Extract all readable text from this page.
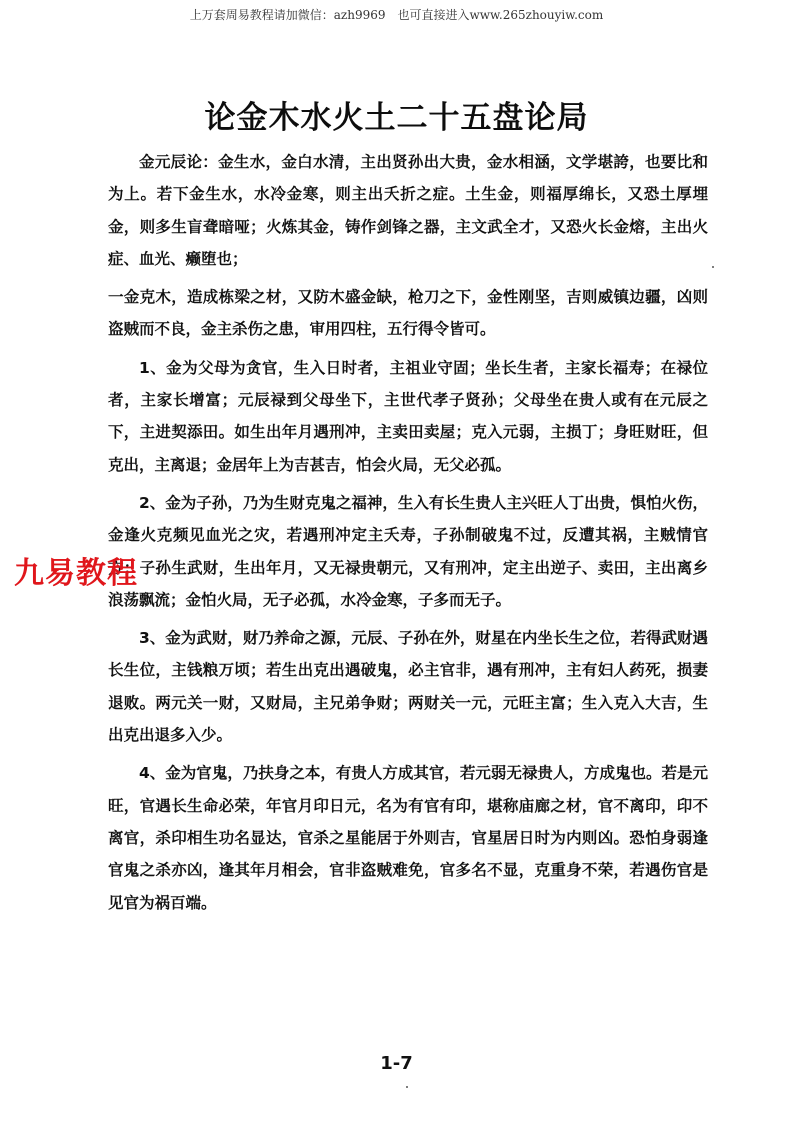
上万套周易教程请加微信：azh9969　也可直接进入www.265zhouyiw.com
论金木水火土二十五盘论局

金元辰论：金生水，金白水清，主出贤孙出大贵，金水相涵，文学堪誇，也要比和为上。若下金生水，水冷金寒，则主出夭折之症。土生金，则福厚绵长，又恐土厚埋金，则多生盲聋暗哑；火炼其金，铸作剑锋之器，主文武全才，又恐火长金熔，主出火症、血光、癞堕也；

一金克木，造成栋梁之材，又防木盛金缺，枪刀之下，金性刚坚，吉则威镇边疆，凶则盗贼而不良，金主杀伤之患，审用四柱，五行得令皆可。

1、金为父母为贪官，生入日时者，主祖业守固；坐长生者，主家长福寿；在禄位者，主家长增富；元辰禄到父母坐下，主世代孝子贤孙；父母坐在贵人或有在元辰之下，主进契添田。如生出年月遇刑冲，主卖田卖屋；克入元弱，主损丁；身旺财旺，但克出，主离退；金居年上为吉甚吉，怕会火局，无父必孤。

2、金为子孙，乃为生财克鬼之福神，生入有长生贵人主兴旺人丁出贵，惧怕火伤，金逢火克频见血光之灾，若遇刑冲定主夭寿，子孙制破鬼不过，反遭其祸，主贼情官方；子孙生武财，生出年月，又无禄贵朝元，又有刑冲，定主出逆子、卖田，主出离乡浪荡飘流；金怕火局，无子必孤，水冷金寒，子多而无子。

3、金为武财，财乃养命之源，元辰、子孙在外，财星在内坐长生之位，若得武财遇长生位，主钱粮万顷；若生出克出遇破鬼，必主官非，遇有刑冲，主有妇人药死，损妻退败。两元关一财，又财局，主兄弟争财；两财关一元，元旺主富；生入克入大吉，生出克出退多入少。

4、金为官鬼，乃扶身之本，有贵人方成其官，若元弱无禄贵人，方成鬼也。若是元旺，官遇长生命必荣，年官月印日元，名为有官有印，堪称庙廊之材，官不离印，印不离官，杀印相生功名显达，官杀之星能居于外则吉，官星居日时为内则凶。恐怕身弱逢官鬼之杀亦凶，逢其年月相会，官非盗贼难免，官多名不显，克重身不荣，若遇伤官是见官为祸百端。

九易教程
1-7
